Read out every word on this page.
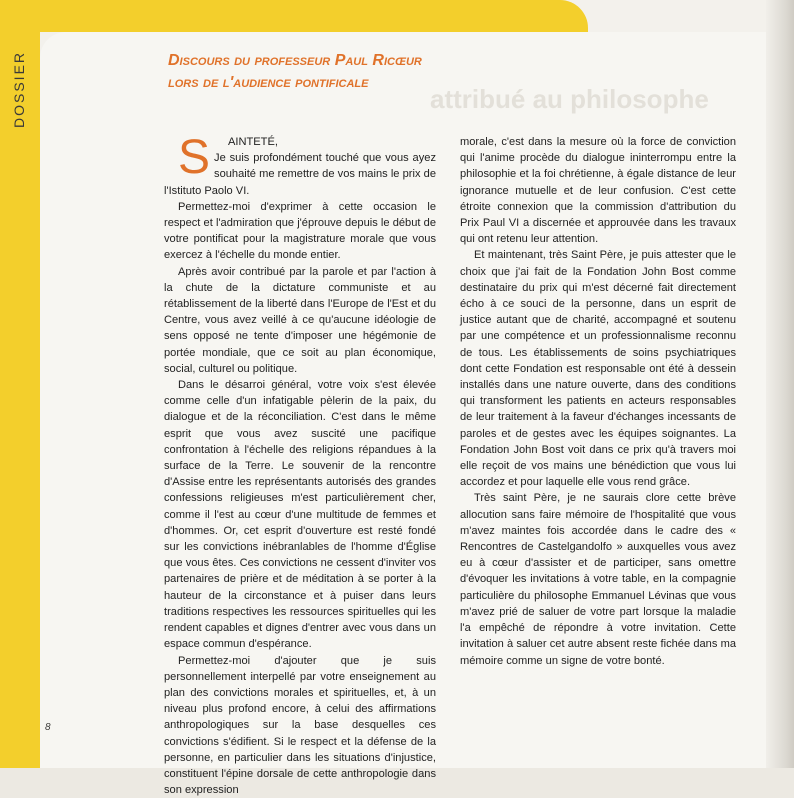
DOSSIER	attribué au philosophe
Discours du professeur Paul Ricœur
lors de l'audience pontificale

S AINTETÉ,
Je suis profondément touché que vous ayez souhaité me remettre de vos mains le prix de l'Istituto Paolo VI.

Permettez-moi d'exprimer à cette occasion le respect et l'admiration que j'éprouve depuis le début de votre pontificat pour la magistrature morale que vous exercez à l'échelle du monde entier.

Après avoir contribué par la parole et par l'action à la chute de la dictature communiste et au rétablissement de la liberté dans l'Europe de l'Est et du Centre, vous avez veillé à ce qu'aucune idéologie de sens opposé ne tente d'imposer une hégémonie de portée mondiale, que ce soit au plan économique, social, culturel ou politique.

Dans le désarroi général, votre voix s'est élevée comme celle d'un infatigable pèlerin de la paix, du dialogue et de la réconciliation. C'est dans le même esprit que vous avez suscité une pacifique confrontation à l'échelle des religions répandues à la surface de la Terre. Le souvenir de la rencontre d'Assise entre les représentants autorisés des grandes confessions religieuses m'est particulièrement cher, comme il l'est au cœur d'une multitude de femmes et d'hommes. Or, cet esprit d'ouverture est resté fondé sur les convictions inébranlables de l'homme d'Église que vous êtes. Ces convictions ne cessent d'inviter vos partenaires de prière et de méditation à se porter à la hauteur de la circonstance et à puiser dans leurs traditions respectives les ressources spirituelles qui les rendent capables et dignes d'entrer avec vous dans un espace commun d'espérance.

Permettez-moi d'ajouter que je suis personnellement interpellé par votre enseignement au plan des convictions morales et spirituelles, et, à un niveau plus profond encore, à celui des affirmations anthropologiques sur la base desquelles ces convictions s'édifient. Si le respect et la défense de la personne, en particulier dans les situations d'injustice, constituent l'épine dorsale de cette anthropologie dans son expression

morale, c'est dans la mesure où la force de conviction qui l'anime procède du dialogue ininterrompu entre la philosophie et la foi chrétienne, à égale distance de leur ignorance mutuelle et de leur confusion. C'est cette étroite connexion que la commission d'attribution du Prix Paul VI a discernée et approuvée dans les travaux qui ont retenu leur attention.

Et maintenant, très Saint Père, je puis attester que le choix que j'ai fait de la Fondation John Bost comme destinataire du prix qui m'est décerné fait directement écho à ce souci de la personne, dans un esprit de justice autant que de charité, accompagné et soutenu par une compétence et un professionnalisme reconnu de tous. Les établissements de soins psychiatriques dont cette Fondation est responsable ont été à dessein installés dans une nature ouverte, dans des conditions qui transforment les patients en acteurs responsables de leur traitement à la faveur d'échanges incessants de paroles et de gestes avec les équipes soignantes. La Fondation John Bost voit dans ce prix qu'à travers moi elle reçoit de vos mains une bénédiction que vous lui accordez et pour laquelle elle vous rend grâce.

Très saint Père, je ne saurais clore cette brève allocution sans faire mémoire de l'hospitalité que vous m'avez maintes fois accordée dans le cadre des « Rencontres de Castelgandolfo » auxquelles vous avez eu à cœur d'assister et de participer, sans omettre d'évoquer les invitations à votre table, en la compagnie particulière du philosophe Emmanuel Lévinas que vous m'avez prié de saluer de votre part lorsque la maladie l'a empêché de répondre à votre invitation. Cette invitation à saluer cet autre absent reste fichée dans ma mémoire comme un signe de votre bonté.

8
